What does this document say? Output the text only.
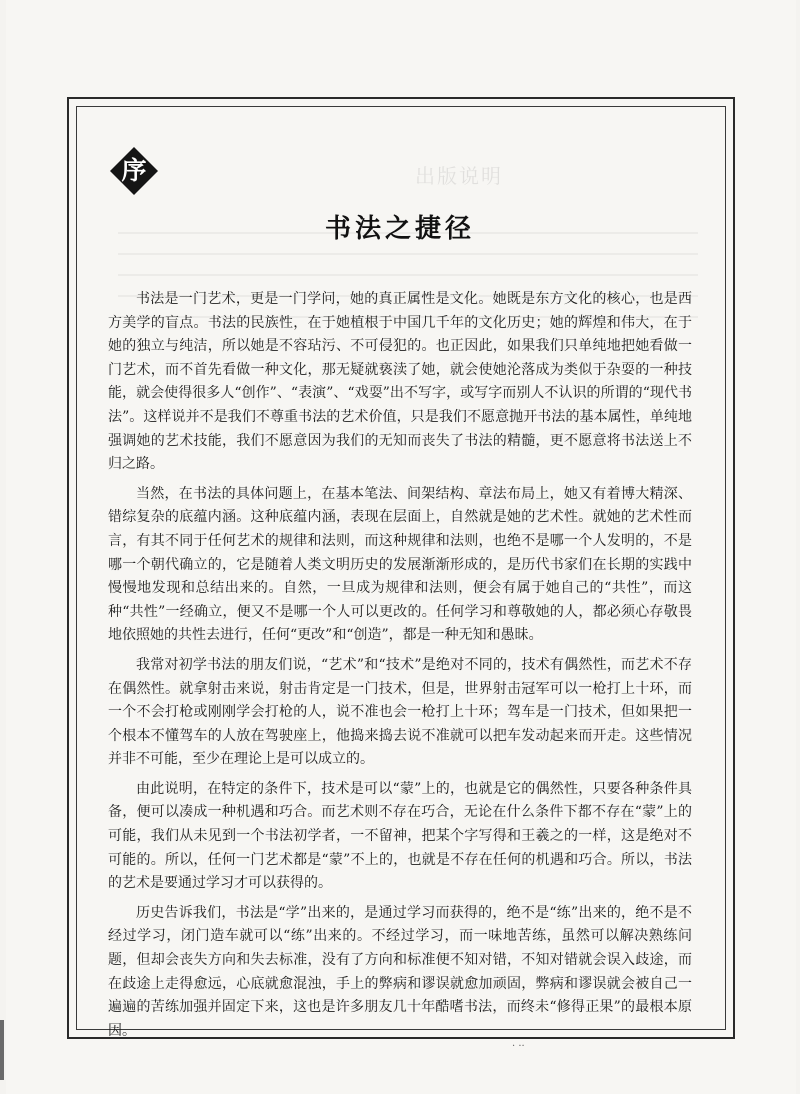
出版说明
序
书法之捷径

书法是一门艺术，更是一门学问，她的真正属性是文化。她既是东方文化的核心，也是西方美学的盲点。书法的民族性，在于她植根于中国几千年的文化历史；她的辉煌和伟大，在于她的独立与纯洁，所以她是不容玷污、不可侵犯的。也正因此，如果我们只单纯地把她看做一门艺术，而不首先看做一种文化，那无疑就亵渎了她，就会使她沦落成为类似于杂耍的一种技能，就会使得很多人“创作”、“表演”、“戏耍”出不写字，或写字而别人不认识的所谓的“现代书法”。这样说并不是我们不尊重书法的艺术价值，只是我们不愿意抛开书法的基本属性，单纯地强调她的艺术技能，我们不愿意因为我们的无知而丧失了书法的精髓，更不愿意将书法送上不归之路。

当然，在书法的具体问题上，在基本笔法、间架结构、章法布局上，她又有着博大精深、错综复杂的底蕴内涵。这种底蕴内涵，表现在层面上，自然就是她的艺术性。就她的艺术性而言，有其不同于任何艺术的规律和法则，而这种规律和法则，也绝不是哪一个人发明的，不是哪一个朝代确立的，它是随着人类文明历史的发展渐渐形成的，是历代书家们在长期的实践中慢慢地发现和总结出来的。自然，一旦成为规律和法则，便会有属于她自己的“共性”，而这种“共性”一经确立，便又不是哪一个人可以更改的。任何学习和尊敬她的人，都必须心存敬畏地依照她的共性去进行，任何“更改”和“创造”，都是一种无知和愚昧。

我常对初学书法的朋友们说，“艺术”和“技术”是绝对不同的，技术有偶然性，而艺术不存在偶然性。就拿射击来说，射击肯定是一门技术，但是，世界射击冠军可以一枪打上十环，而一个不会打枪或刚刚学会打枪的人，说不准也会一枪打上十环；驾车是一门技术，但如果把一个根本不懂驾车的人放在驾驶座上，他捣来捣去说不准就可以把车发动起来而开走。这些情况并非不可能，至少在理论上是可以成立的。

由此说明，在特定的条件下，技术是可以“蒙”上的，也就是它的偶然性，只要各种条件具备，便可以凑成一种机遇和巧合。而艺术则不存在巧合，无论在什么条件下都不存在“蒙”上的可能，我们从未见到一个书法初学者，一不留神，把某个字写得和王羲之的一样，这是绝对不可能的。所以，任何一门艺术都是“蒙”不上的，也就是不存在任何的机遇和巧合。所以，书法的艺术是要通过学习才可以获得的。

历史告诉我们，书法是“学”出来的，是通过学习而获得的，绝不是“练”出来的，绝不是不经过学习，闭门造车就可以“练”出来的。不经过学习，而一味地苦练，虽然可以解决熟练问题，但却会丧失方向和失去标准，没有了方向和标准便不知对错，不知对错就会误入歧途，而在歧途上走得愈远，心底就愈混浊，手上的弊病和谬误就愈加顽固，弊病和谬误就会被自己一遍遍的苦练加强并固定下来，这也是许多朋友几十年酷嗜书法，而终未“修得正果”的最根本原因。

· ··
